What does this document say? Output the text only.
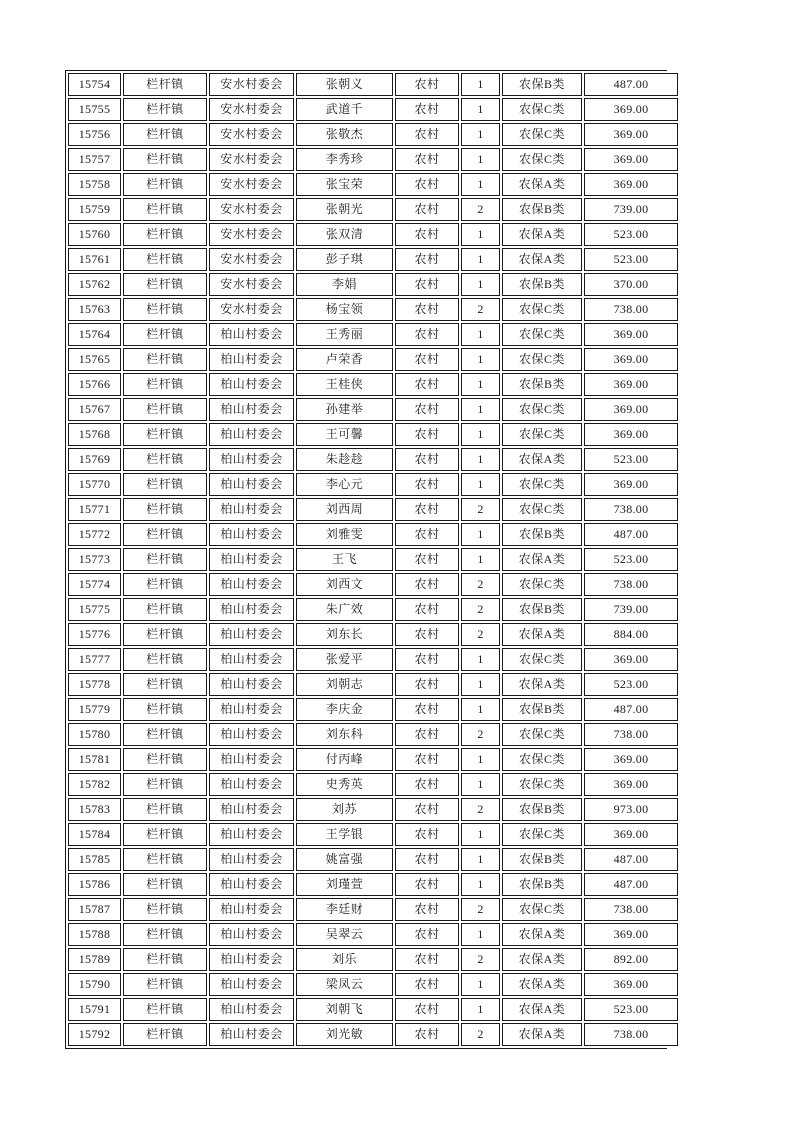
15754	栏杆镇	安水村委会	张朝义	农村	1	农保B类	487.00
15755	栏杆镇	安水村委会	武道千	农村	1	农保C类	369.00
15756	栏杆镇	安水村委会	张敬杰	农村	1	农保C类	369.00
15757	栏杆镇	安水村委会	李秀珍	农村	1	农保C类	369.00
15758	栏杆镇	安水村委会	张宝荣	农村	1	农保A类	369.00
15759	栏杆镇	安水村委会	张朝光	农村	2	农保B类	739.00
15760	栏杆镇	安水村委会	张双清	农村	1	农保A类	523.00
15761	栏杆镇	安水村委会	彭子琪	农村	1	农保A类	523.00
15762	栏杆镇	安水村委会	李娟	农村	1	农保B类	370.00
15763	栏杆镇	安水村委会	杨宝领	农村	2	农保C类	738.00
15764	栏杆镇	柏山村委会	王秀丽	农村	1	农保C类	369.00
15765	栏杆镇	柏山村委会	卢荣香	农村	1	农保C类	369.00
15766	栏杆镇	柏山村委会	王桂侠	农村	1	农保B类	369.00
15767	栏杆镇	柏山村委会	孙建举	农村	1	农保C类	369.00
15768	栏杆镇	柏山村委会	王可馨	农村	1	农保C类	369.00
15769	栏杆镇	柏山村委会	朱趁趁	农村	1	农保A类	523.00
15770	栏杆镇	柏山村委会	李心元	农村	1	农保C类	369.00
15771	栏杆镇	柏山村委会	刘西周	农村	2	农保C类	738.00
15772	栏杆镇	柏山村委会	刘雅雯	农村	1	农保B类	487.00
15773	栏杆镇	柏山村委会	王飞	农村	1	农保A类	523.00
15774	栏杆镇	柏山村委会	刘西文	农村	2	农保C类	738.00
15775	栏杆镇	柏山村委会	朱广效	农村	2	农保B类	739.00
15776	栏杆镇	柏山村委会	刘东长	农村	2	农保A类	884.00
15777	栏杆镇	柏山村委会	张爱平	农村	1	农保C类	369.00
15778	栏杆镇	柏山村委会	刘朝志	农村	1	农保A类	523.00
15779	栏杆镇	柏山村委会	李庆金	农村	1	农保B类	487.00
15780	栏杆镇	柏山村委会	刘东科	农村	2	农保C类	738.00
15781	栏杆镇	柏山村委会	付丙峰	农村	1	农保C类	369.00
15782	栏杆镇	柏山村委会	史秀英	农村	1	农保C类	369.00
15783	栏杆镇	柏山村委会	刘苏	农村	2	农保B类	973.00
15784	栏杆镇	柏山村委会	王学银	农村	1	农保C类	369.00
15785	栏杆镇	柏山村委会	姚富强	农村	1	农保B类	487.00
15786	栏杆镇	柏山村委会	刘瑾萱	农村	1	农保B类	487.00
15787	栏杆镇	柏山村委会	李廷财	农村	2	农保C类	738.00
15788	栏杆镇	柏山村委会	吴翠云	农村	1	农保A类	369.00
15789	栏杆镇	柏山村委会	刘乐	农村	2	农保A类	892.00
15790	栏杆镇	柏山村委会	梁凤云	农村	1	农保A类	369.00
15791	栏杆镇	柏山村委会	刘朝飞	农村	1	农保A类	523.00
15792	栏杆镇	柏山村委会	刘光敏	农村	2	农保A类	738.00
